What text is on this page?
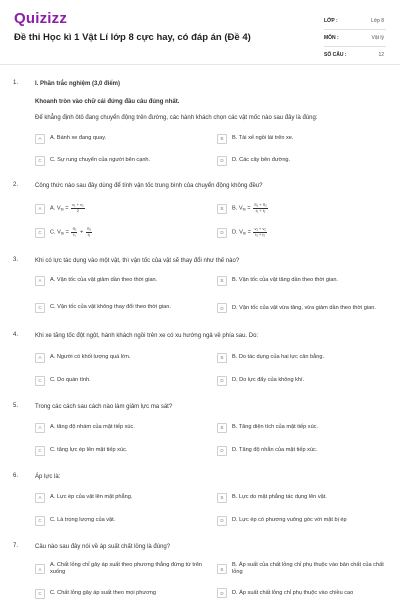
Quizizz
Đề thi Học kì 1 Vật Lí lớp 8 cực hay, có đáp án (Đề 4)
LỚP :	Lớp 8
MÔN :	Vật lý
SỐ CÂU :	12
1.	I. Phần trắc nghiệm (3,0 điểm)
Khoanh tròn vào chữ cái đứng đầu câu đúng nhất.
Để khẳng định ôtô đang chuyển động trên đường, các hành khách chọn các vật mốc nào sau đây là đúng:
A	A. Bánh xe đang quay.	B	B. Tài xế ngồi lái trên xe.
C	C. Sự rung chuyển của người bên cạnh.	D	D. Các cây bên đường.
2.	Công thức nào sau đây dùng để tính vận tốc trung bình của chuyển động không đều?
A	A. $V_{tb} = \frac{\text{v₁ + v₂}}{2}$	B	B. $V_{tb} = \frac{\text{S₁ + S₂}}{\text{t₁ + t₂}}$
C	C. $V_{tb} = \frac{\text{S₁}}{\text{t₁}} + \frac{\text{S₂}}{\text{t₂}}$	D	D. $V_{tb} = \frac{\text{v₁ + v₂}}{\text{t₁ + t₂}}$
3.	Khi có lực tác dụng vào một vật, thì vận tốc của vật sẽ thay đổi như thế nào?
A	A. Vận tốc của vật giảm dần theo thời gian.	B	B. Vận tốc của vật tăng dần theo thời gian.
C	C. Vận tốc của vật không thay đổi theo thời gian.	D	D. Vận tốc của vật vừa tăng, vừa giảm dần theo thời gian.
4.	Khi xe tăng tốc đột ngột, hành khách ngồi trên xe có xu hướng ngả về phía sau. Do:
A	A. Người có khối lượng quá lớn.	B	B. Do tác dụng của hai lực cân bằng.
C	C. Do quán tính.	D	D. Do lực đẩy của không khí.
5.	Trong các cách sau cách nào làm giảm lực ma sát?
A	A. tăng độ nhám của mặt tiếp xúc.	B	B. Tăng diện tích của mặt tiếp xúc.
C	C. tăng lực ép lên mặt tiếp xúc.	D	D. Tăng độ nhẵn của mặt tiếp xúc.
6.	Áp lực là:
A	A. Lực ép của vật lên mặt phẳng.	B	B. Lực do mặt phẳng tác dụng lên vật.
C	C. Là trọng lượng của vật.	D	D. Lực ép có phương vuông góc với mặt bị ép
7.	Câu nào sau đây nói về áp suất chất lỏng là đúng?
A
A. Chất lỏng chỉ gây áp suất theo phương thẳng đứng từ trên xuống	B
B. Áp suất của chất lỏng chỉ phụ thuộc vào bản chất của chất lỏng
C	C. Chất lỏng gây áp suất theo mọi phương	D	D. Áp suất chất lỏng chỉ phụ thuộc vào chiều cao
